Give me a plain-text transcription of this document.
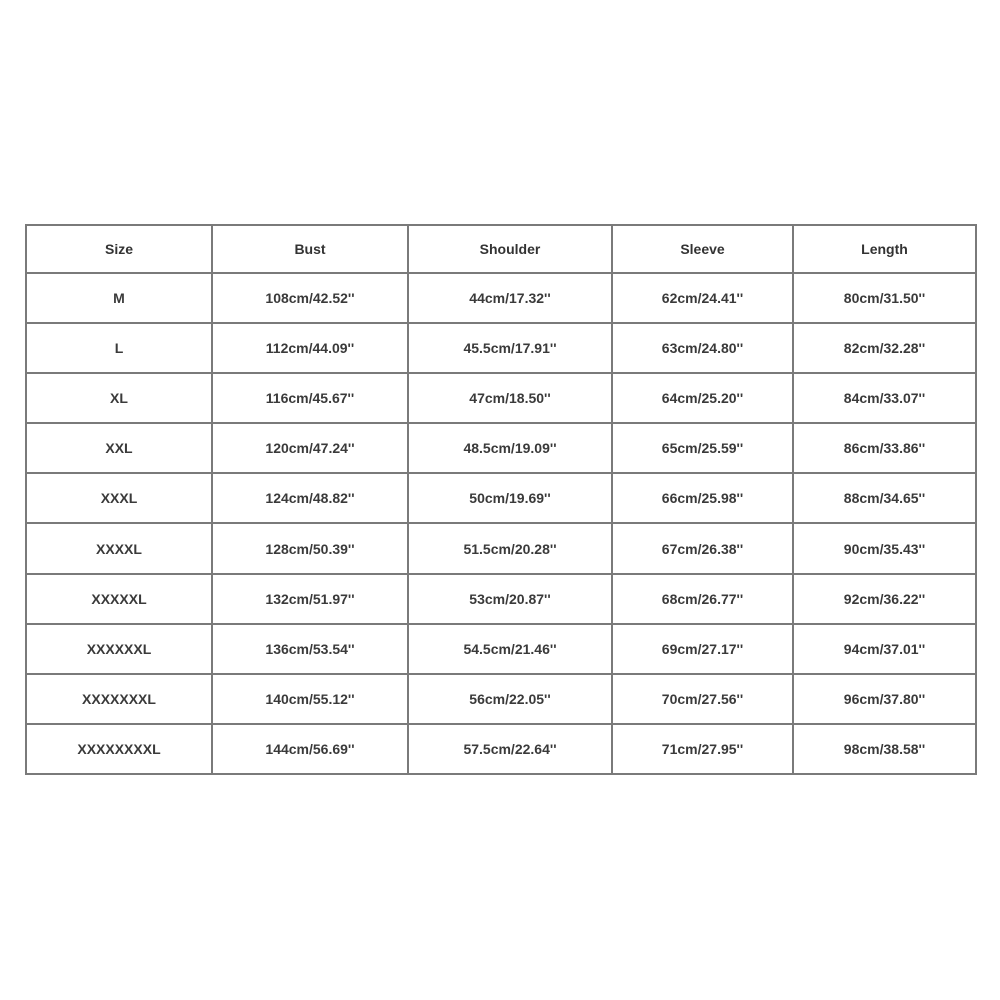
Size	Bust	Shoulder	Sleeve	Length
M	108cm/42.52''	44cm/17.32''	62cm/24.41''	80cm/31.50''
L	112cm/44.09''	45.5cm/17.91''	63cm/24.80''	82cm/32.28''
XL	116cm/45.67''	47cm/18.50''	64cm/25.20''	84cm/33.07''
XXL	120cm/47.24''	48.5cm/19.09''	65cm/25.59''	86cm/33.86''
XXXL	124cm/48.82''	50cm/19.69''	66cm/25.98''	88cm/34.65''
XXXXL	128cm/50.39''	51.5cm/20.28''	67cm/26.38''	90cm/35.43''
XXXXXL	132cm/51.97''	53cm/20.87''	68cm/26.77''	92cm/36.22''
XXXXXXL	136cm/53.54''	54.5cm/21.46''	69cm/27.17''	94cm/37.01''
XXXXXXXL	140cm/55.12''	56cm/22.05''	70cm/27.56''	96cm/37.80''
XXXXXXXXL	144cm/56.69''	57.5cm/22.64''	71cm/27.95''	98cm/38.58''
